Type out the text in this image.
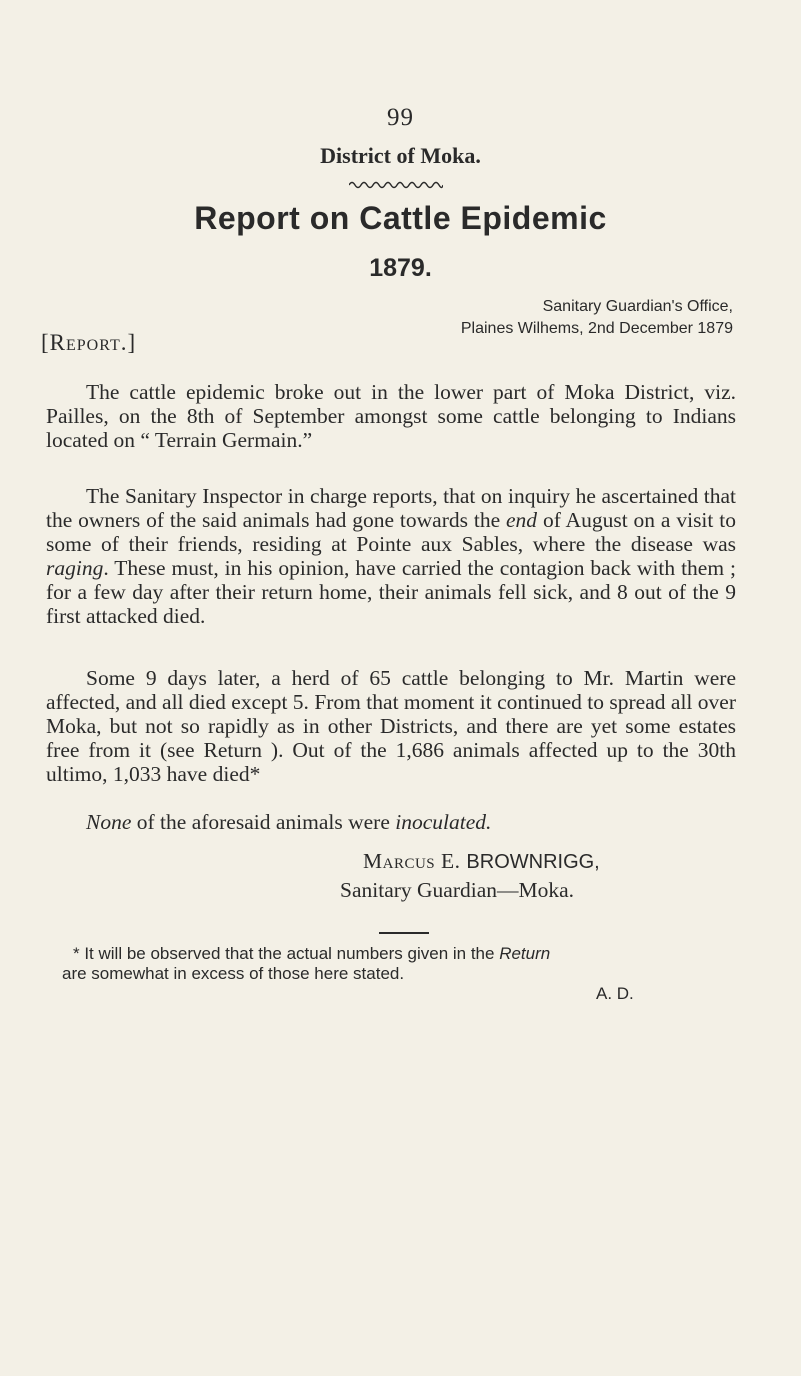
99
District of Moka.
Report on Cattle Epidemic
1879.
Sanitary Guardian's Office,
Plaines Wilhems, 2nd December 1879
[Report.]

The cattle epidemic broke out in the lower part of Moka District, viz. Pailles, on the 8th of September amongst some cattle belonging to Indians located on “ Terrain Germain.”

The Sanitary Inspector in charge reports, that on inquiry he ascertained that the owners of the said animals had gone towards the end of August on a visit to some of their friends, residing at Pointe aux Sables, where the disease was raging. These must, in his opinion, have carried the contagion back with them ; for a few day after their return home, their animals fell sick, and 8 out of the 9 first attacked died.

Some 9 days later, a herd of 65 cattle belonging to Mr. Martin were affected, and all died except 5. From that moment it continued to spread all over Moka, but not so rapidly as in other Districts, and there are yet some estates free from it (see Return ). Out of the 1,686 animals affected up to the 30th ultimo, 1,033 have died*

None of the aforesaid animals were inoculated.

Marcus E. BROWNRIGG,
Sanitary Guardian—Moka.
* It will be observed that the actual numbers given in the Return
are somewhat in excess of those here stated.
A. D.
